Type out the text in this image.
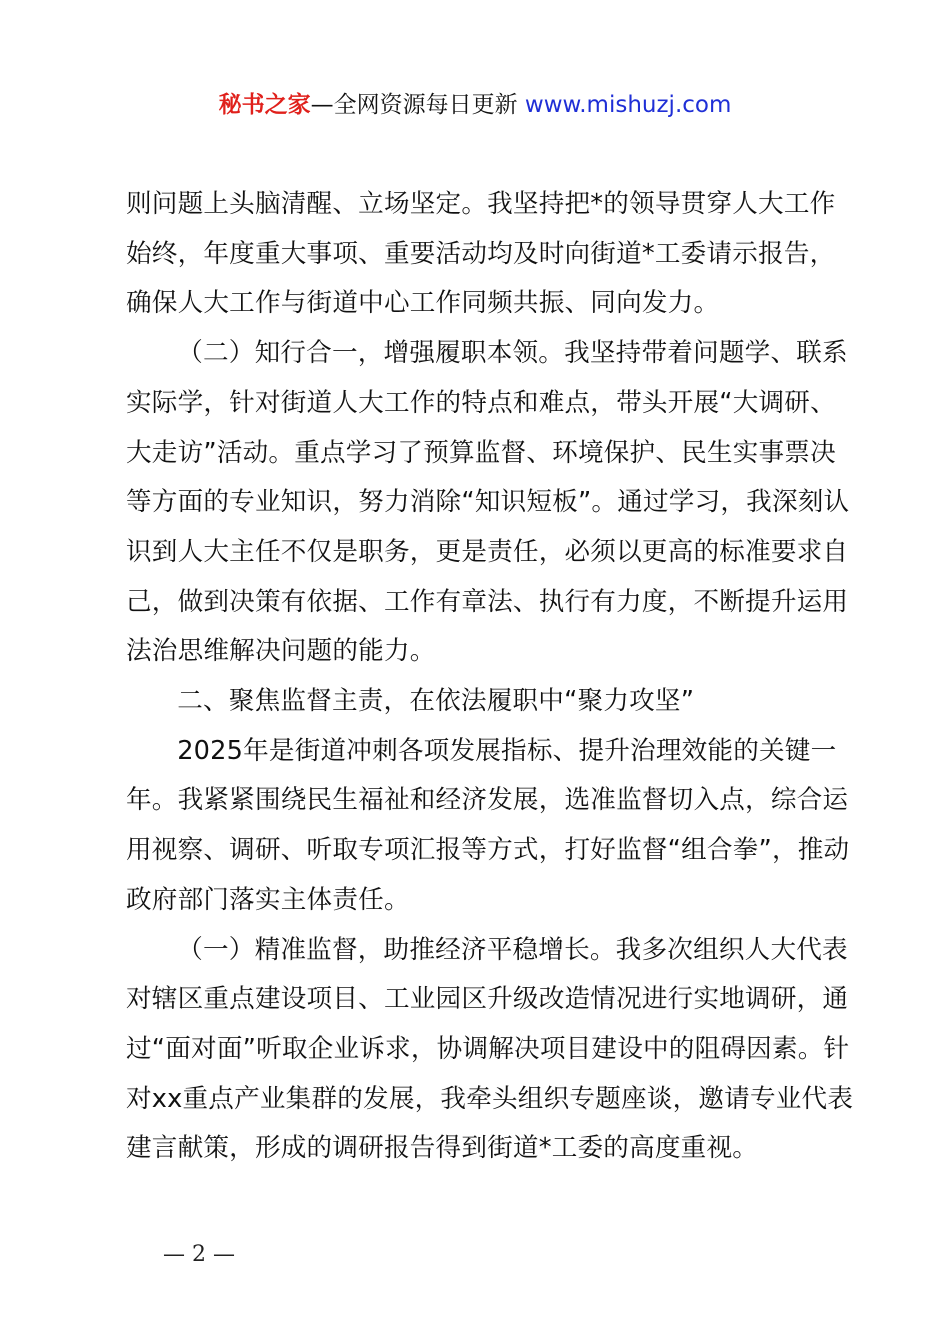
秘书之家—全网资源每日更新 www.mishuzj.com

则问题上头脑清醒、立场坚定。我坚持把*的领导贯穿人大工作始终，年度重大事项、重要活动均及时向街道*工委请示报告，确保人大工作与街道中心工作同频共振、同向发力。

（二）知行合一，增强履职本领。我坚持带着问题学、联系实际学，针对街道人大工作的特点和难点，带头开展“大调研、大走访”活动。重点学习了预算监督、环境保护、民生实事票决等方面的专业知识，努力消除“知识短板”。通过学习，我深刻认识到人大主任不仅是职务，更是责任，必须以更高的标准要求自己，做到决策有依据、工作有章法、执行有力度，不断提升运用法治思维解决问题的能力。

二、聚焦监督主责，在依法履职中“聚力攻坚”

2025年是街道冲刺各项发展指标、提升治理效能的关键一年。我紧紧围绕民生福祉和经济发展，选准监督切入点，综合运用视察、调研、听取专项汇报等方式，打好监督“组合拳”，推动政府部门落实主体责任。

（一）精准监督，助推经济平稳增长。我多次组织人大代表对辖区重点建设项目、工业园区升级改造情况进行实地调研，通过“面对面”听取企业诉求，协调解决项目建设中的阻碍因素。针对xx重点产业集群的发展，我牵头组织专题座谈，邀请专业代表建言献策，形成的调研报告得到街道*工委的高度重视。

— 2 —
